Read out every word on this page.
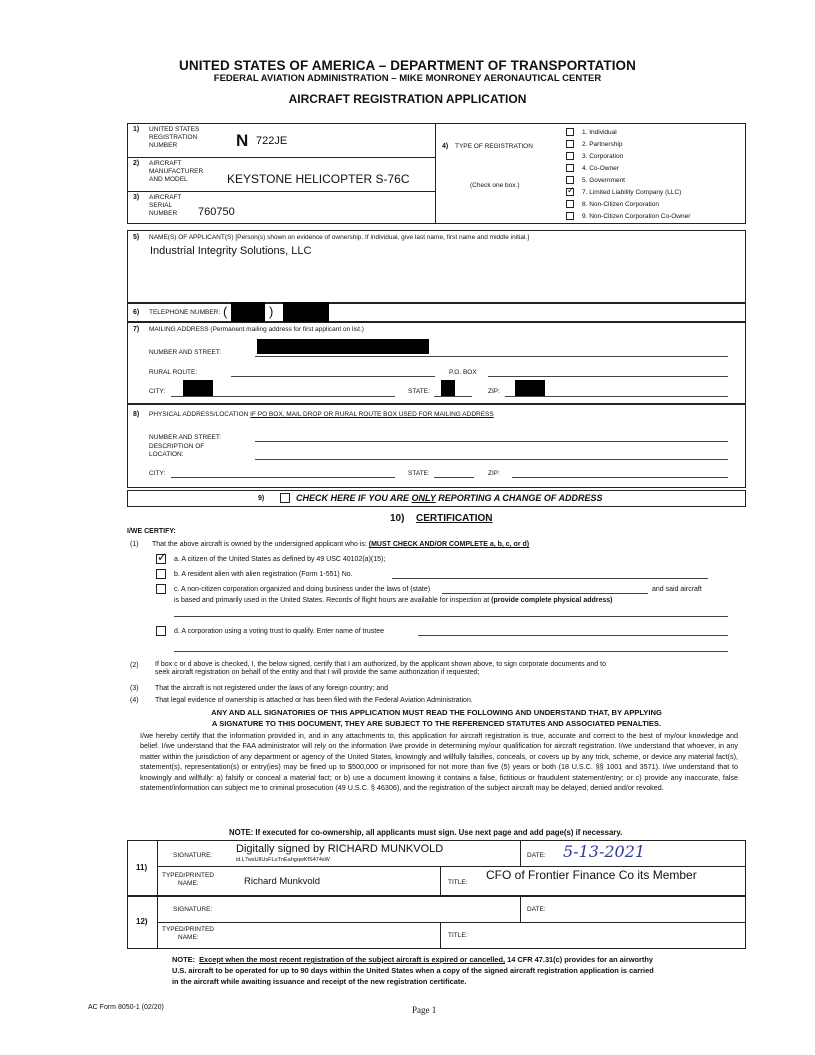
UNITED STATES OF AMERICA – DEPARTMENT OF TRANSPORTATION
FEDERAL AVIATION ADMINISTRATION – MIKE MONRONEY AERONAUTICAL CENTER
AIRCRAFT REGISTRATION APPLICATION
1) UNITED STATES
REGISTRATION
NUMBER	N 722JE
2) AIRCRAFT
MANUFACTURER
AND MODEL	KEYSTONE HELICOPTER S-76C
3) AIRCRAFT
SERIAL
NUMBER	760750
4) TYPE OF REGISTRATION
(Check one box.)
1. Individual
2. Partnership
3. Corporation
4. Co-Owner
5. Government
✓ 7. Limited Liability Company (LLC)
8. Non-Citizen Corporation
9. Non-Citizen Corporation Co-Owner
5) NAME(S) OF APPLICANT(S) [Person(s) shown on evidence of ownership. If individual, give last name, first name and middle initial.]
Industrial Integrity Solutions, LLC
6) TELEPHONE NUMBER: (	)
7) MAILING ADDRESS (Permanent mailing address for first applicant on list.)
NUMBER AND STREET:
RURAL ROUTE:	P.O. BOX
CITY:	STATE:	ZIP:
8) PHYSICAL ADDRESS/LOCATION IF PO BOX, MAIL DROP OR RURAL ROUTE BOX USED FOR MAILING ADDRESS
NUMBER AND STREET:
DESCRIPTION OF
LOCATION:
CITY:	STATE:	ZIP:
9)	CHECK HERE IF YOU ARE ONLY REPORTING A CHANGE OF ADDRESS
10) CERTIFICATION
I/WE CERTIFY:
(1) That the above aircraft is owned by the undersigned applicant who is: (MUST CHECK AND/OR COMPLETE a, b, c, or d)
✓ a. A citizen of the United States as defined by 49 USC 40102(a)(15);
b. A resident alien with alien registration (Form 1-551) No.
c. A non-citizen corporation organized and doing business under the laws of (state)	and said aircraft
is based and primarily used in the United States. Records of flight hours are available for inspection at (provide complete physical address)
d. A corporation using a voting trust to qualify. Enter name of trustee
(2) If box c or d above is checked, I, the below signed, certify that I am authorized, by the applicant shown above, to sign corporate documents and to
seek aircraft registration on behalf of the entity and that I will provide the same authorization if requested;
(3) That the aircraft is not registered under the laws of any foreign country; and
(4) That legal evidence of ownership is attached or has been filed with the Federal Aviation Administration.
ANY AND ALL SIGNATORIES OF THIS APPLICATION MUST READ THE FOLLOWING AND UNDERSTAND THAT, BY APPLYING
A SIGNATURE TO THIS DOCUMENT, THEY ARE SUBJECT TO THE REFERENCED STATUTES AND ASSOCIATED PENALTIES.
I/we hereby certify that the information provided in, and in any attachments to, this application for aircraft registration is true, accurate and correct to the best of my/our knowledge and belief. I/we understand that the FAA administrator will rely on the information I/we provide in determining my/our qualification for aircraft registration. I/we understand that whoever, in any matter within the jurisdiction of any department or agency of the United States, knowingly and willfully falsifies, conceals, or covers up by any trick, scheme, or device any material fact(s), statement(s), representation(s) or entry(ies) may be fined up to $500,000 or imprisoned for not more than five (5) years or both (18 U.S.C. §§ 1001 and 3571). I/we understand that to knowingly and willfully: a) falsify or conceal a material fact; or b) use a document knowing it contains a false, fictitious or fraudulent statement/entry; or c) provide any inaccurate, false statement/information can subject me to criminal prosecution (49 U.S.C. § 46306), and the registration of the subject aircraft may be delayed, denied and/or revoked.
NOTE: If executed for co-ownership, all applicants must sign. Use next page and add page(s) if necessary.
11)
SIGNATURE:
Digitally signed by RICHARD MUNKVOLD
id.L7wsUIlUsFLuTnEahgqwKfS474sW
DATE: 5-13-2021
TYPED/PRINTED
NAME:	Richard Munkvold	TITLE:
CFO of Frontier Finance Co its Member
12)
SIGNATURE:	DATE:
TYPED/PRINTED
NAME:	TITLE:
NOTE: Except when the most recent registration of the subject aircraft is expired or cancelled, 14 CFR 47.31(c) provides for an airworthy
U.S. aircraft to be operated for up to 90 days within the United States when a copy of the signed aircraft registration application is carried
in the aircraft while awaiting issuance and receipt of the new registration certificate.
AC Form 8050-1 (02/20)	Page 1
